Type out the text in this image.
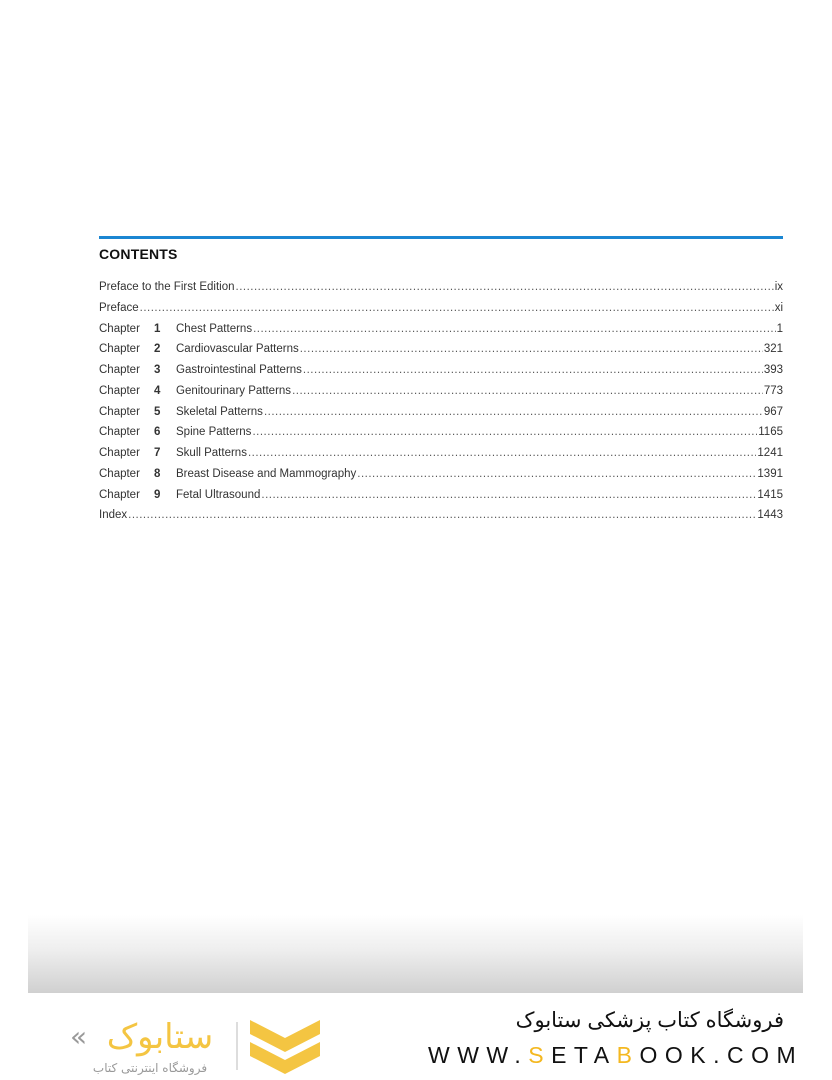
CONTENTS
Preface to the First Edition .....	ix
Preface .....	xi
Chapter	1	Chest Patterns .....	1
Chapter	2	Cardiovascular Patterns .....	321
Chapter	3	Gastrointestinal Patterns .....	393
Chapter	4	Genitourinary Patterns .....	773
Chapter	5	Skeletal Patterns .....	967
Chapter	6	Spine Patterns .....	1165
Chapter	7	Skull Patterns .....	1241
Chapter	8	Breast Disease and Mammography .....	1391
Chapter	9	Fetal Ultrasound .....	1415
Index .....	1443
ستابوک
«
فروشگاه اینترنتی کتاب
فروشگاه کتاب پزشکی ستابوک
WWW.SETABOOK.COM
